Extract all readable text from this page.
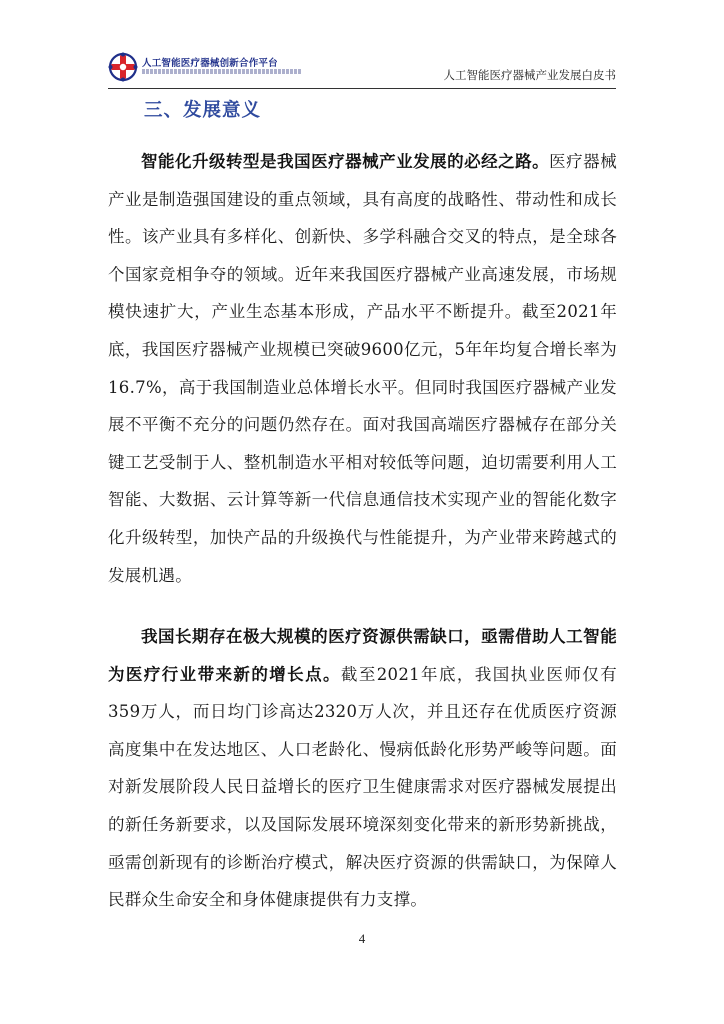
人工智能医疗器械创新合作平台
人工智能医疗器械产业发展白皮书
三、发展意义

智能化升级转型是我国医疗器械产业发展的必经之路。医疗器械产业是制造强国建设的重点领域，具有高度的战略性、带动性和成长性。该产业具有多样化、创新快、多学科融合交叉的特点，是全球各个国家竞相争夺的领域。近年来我国医疗器械产业高速发展，市场规模快速扩大，产业生态基本形成，产品水平不断提升。截至2021年底，我国医疗器械产业规模已突破9600亿元，5年年均复合增长率为16.7%，高于我国制造业总体增长水平。但同时我国医疗器械产业发展不平衡不充分的问题仍然存在。面对我国高端医疗器械存在部分关键工艺受制于人、整机制造水平相对较低等问题，迫切需要利用人工智能、大数据、云计算等新一代信息通信技术实现产业的智能化数字化升级转型，加快产品的升级换代与性能提升，为产业带来跨越式的发展机遇。

我国长期存在极大规模的医疗资源供需缺口，亟需借助人工智能为医疗行业带来新的增长点。截至2021年底，我国执业医师仅有359万人，而日均门诊高达2320万人次，并且还存在优质医疗资源高度集中在发达地区、人口老龄化、慢病低龄化形势严峻等问题。面对新发展阶段人民日益增长的医疗卫生健康需求对医疗器械发展提出的新任务新要求，以及国际发展环境深刻变化带来的新形势新挑战，亟需创新现有的诊断治疗模式，解决医疗资源的供需缺口，为保障人民群众生命安全和身体健康提供有力支撑。

4
